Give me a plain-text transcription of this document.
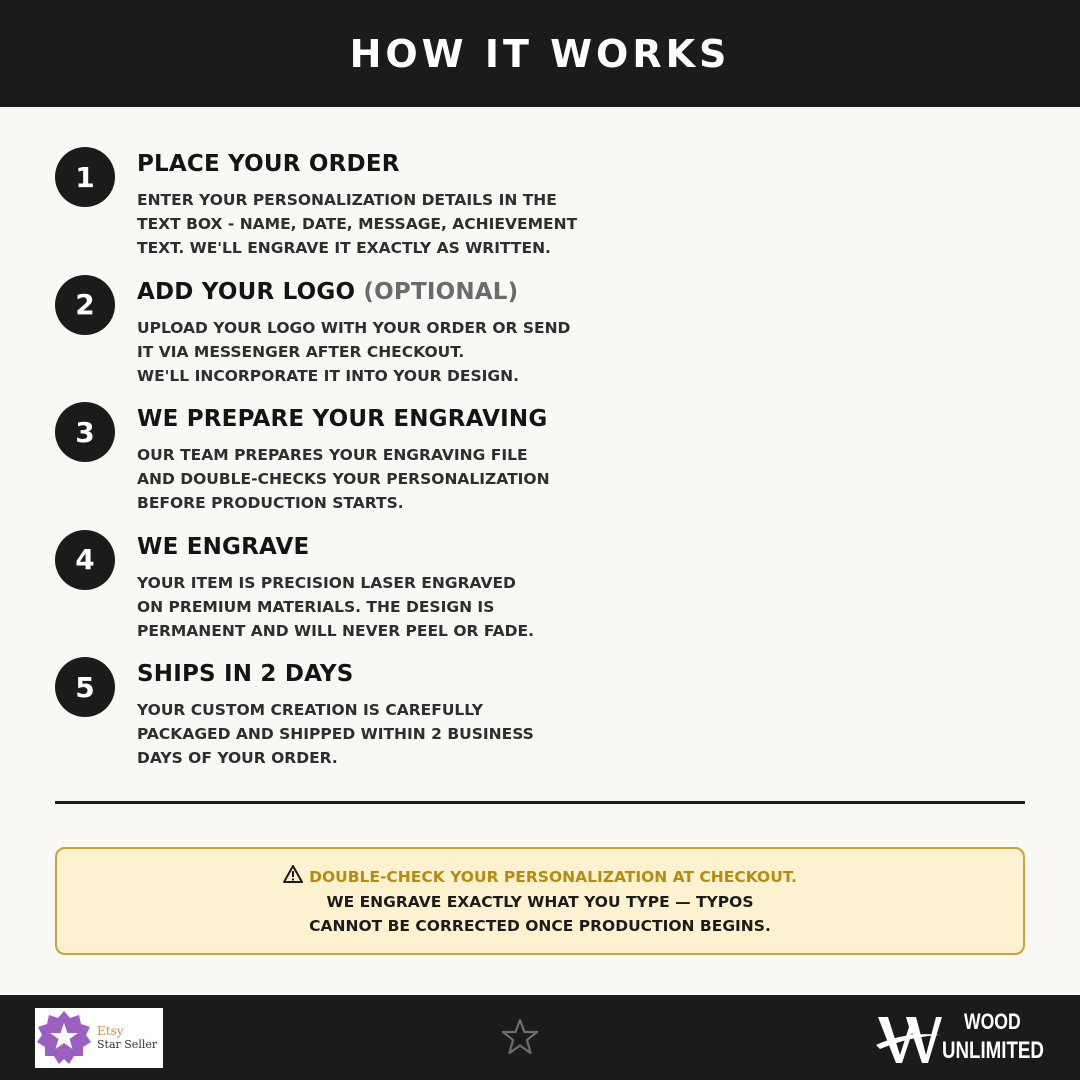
HOW IT WORKS
1	PLACE YOUR ORDER
ENTER YOUR PERSONALIZATION DETAILS IN THE
TEXT BOX - NAME, DATE, MESSAGE, ACHIEVEMENT
TEXT. WE'LL ENGRAVE IT EXACTLY AS WRITTEN.
2	ADD YOUR LOGO (OPTIONAL)
UPLOAD YOUR LOGO WITH YOUR ORDER OR SEND
IT VIA MESSENGER AFTER CHECKOUT.
WE'LL INCORPORATE IT INTO YOUR DESIGN.
3	WE PREPARE YOUR ENGRAVING
OUR TEAM PREPARES YOUR ENGRAVING FILE
AND DOUBLE-CHECKS YOUR PERSONALIZATION
BEFORE PRODUCTION STARTS.
4	WE ENGRAVE
YOUR ITEM IS PRECISION LASER ENGRAVED
ON PREMIUM MATERIALS. THE DESIGN IS
PERMANENT AND WILL NEVER PEEL OR FADE.
5	SHIPS IN 2 DAYS
YOUR CUSTOM CREATION IS CAREFULLY
PACKAGED AND SHIPPED WITHIN 2 BUSINESS
DAYS OF YOUR ORDER.
DOUBLE-CHECK YOUR PERSONALIZATION AT CHECKOUT.
WE ENGRAVE EXACTLY WHAT YOU TYPE — TYPOS
CANNOT BE CORRECTED ONCE PRODUCTION BEGINS.
Etsy
Star Seller
WOOD
UNLIMITED
